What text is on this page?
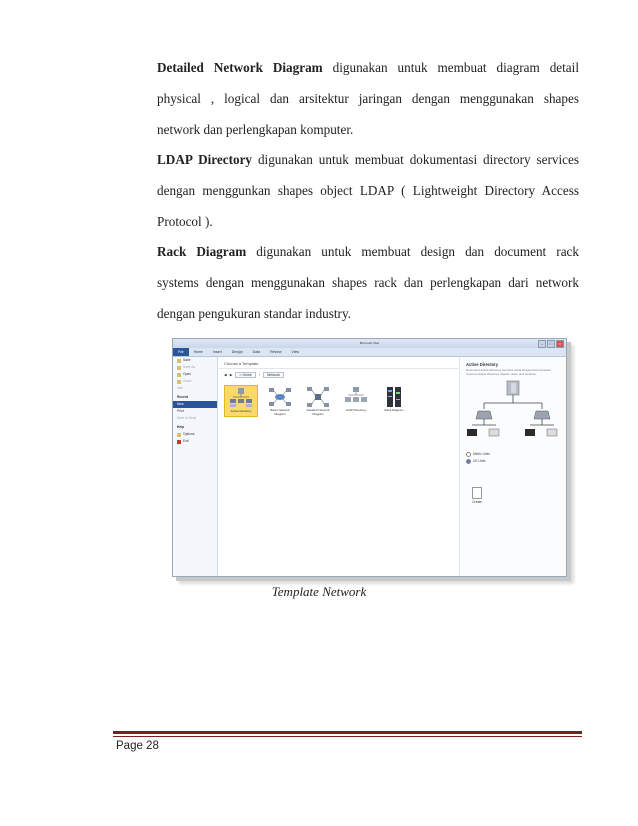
Detailed Network Diagram digunakan untuk membuat diagram detail
physical , logical dan arsitektur jaringan dengan menggunakan shapes
network dan perlengkapan komputer.
LDAP Directory digunakan untuk membuat dokumentasi directory services
dengan menggunkan shapes object LDAP ( Lightweight Directory Access
Protocol ).
Rack Diagram digunakan untuk membuat design dan document rack
systems dengan menggunakan shapes rack dan perlengkapan dari network
dengan pengukuran standar industry.
Microsoft Visio	–	□	×
File	Home	Insert	Design	Data	Review	View
Save
Save As
Open
Close
Info
Recent
New
Print
Save & Send
Help
Options
Exit
Choose a Template
◀ ▶	⌂ Home	›	Network
Active Directory	Basic Network Diagram
Detailed Network Diagram
LDAP Directory	Rack Diagram
Active Directory
Document Active Directory services using shapes that represent common Active Directory objects, sites, and services.
Metric Units
US Units
Create
Template Network
Page 28
